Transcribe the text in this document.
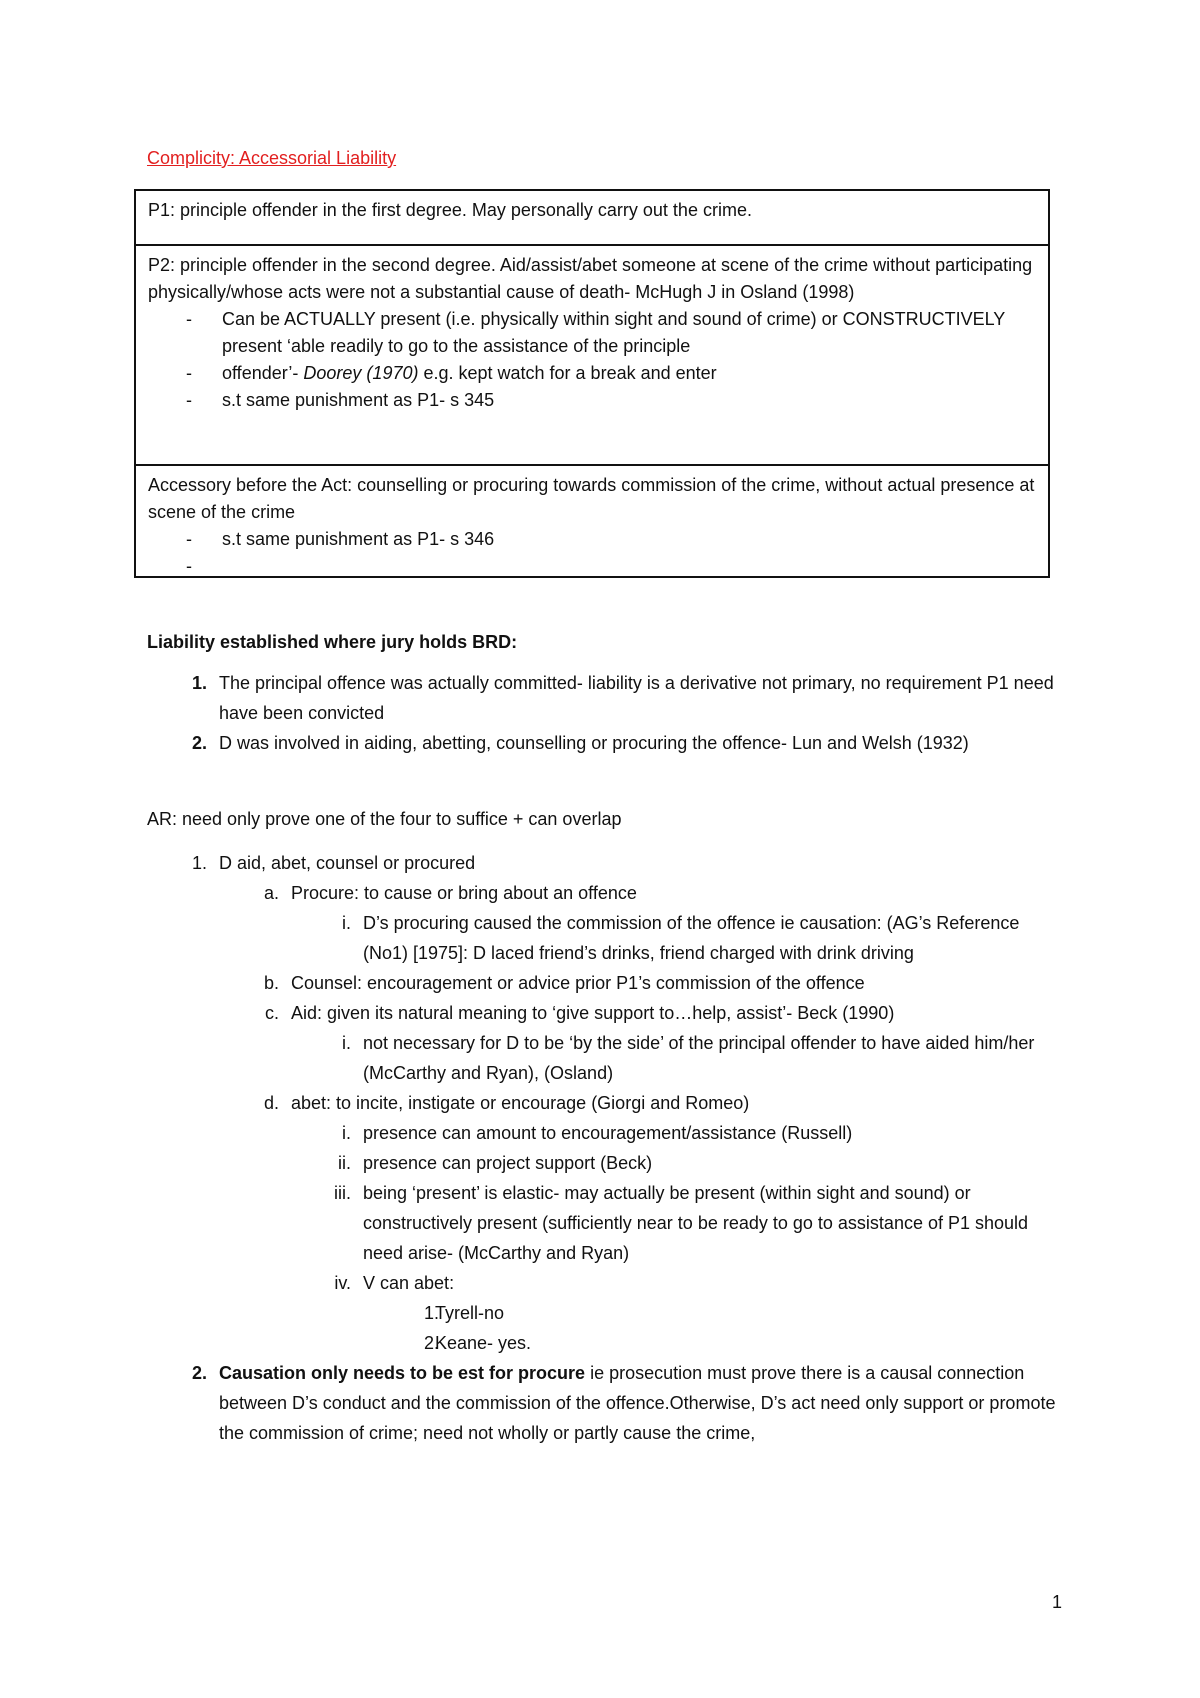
Complicity: Accessorial Liability
P1: principle offender in the first degree. May personally carry out the crime.
P2: principle offender in the second degree. Aid/assist/abet someone at scene of the crime without participating physically/whose acts were not a substantial cause of death- McHugh J in Osland (1998)
- Can be ACTUALLY present (i.e. physically within sight and sound of crime) or CONSTRUCTIVELY present ‘able readily to go to the assistance of the principle
- offender’- Doorey (1970) e.g. kept watch for a break and enter
- s.t same punishment as P1- s 345
Accessory before the Act: counselling or procuring towards commission of the crime, without actual presence at scene of the crime
- s.t same punishment as P1- s 346
Liability established where jury holds BRD:
1. The principal offence was actually committed- liability is a derivative not primary, no requirement P1 need have been convicted
2. D was involved in aiding, abetting, counselling or procuring the offence- Lun and Welsh (1932)
AR: need only prove one of the four to suffice + can overlap
1. D aid, abet, counsel or procured
a. Procure: to cause or bring about an offence
i. D’s procuring caused the commission of the offence ie causation: (AG’s Reference (No1) [1975]: D laced friend’s drinks, friend charged with drink driving
b. Counsel: encouragement or advice prior P1’s commission of the offence
c. Aid: given its natural meaning to ‘give support to…help, assist’- Beck (1990)
i. not necessary for D to be ‘by the side’ of the principal offender to have aided him/her (McCarthy and Ryan), (Osland)
d. abet: to incite, instigate or encourage (Giorgi and Romeo)
i. presence can amount to encouragement/assistance (Russell)
ii. presence can project support (Beck)
iii. being ‘present’ is elastic- may actually be present (within sight and sound) or constructively present (sufficiently near to be ready to go to assistance of P1 should need arise- (McCarthy and Ryan)
iv. V can abet:
1.
Tyrell-no
2.
Keane- yes.
2. Causation only needs to be est for procure ie prosecution must prove there is a causal connection between D’s conduct and the commission of the offence.Otherwise, D’s act need only support or promote the commission of crime; need not wholly or partly cause the crime,
1
